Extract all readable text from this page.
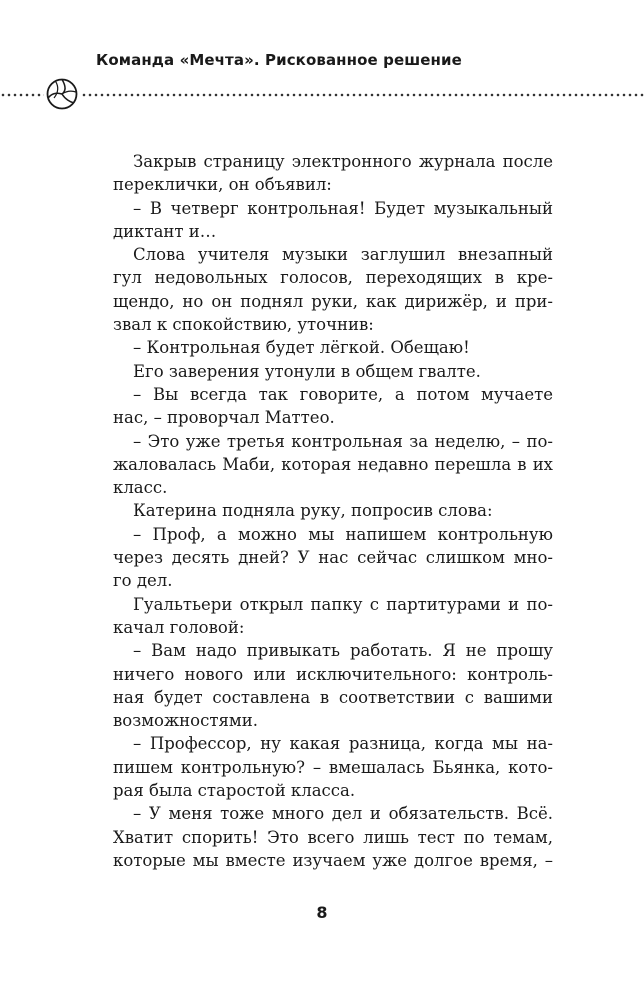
Команда «Мечта». Рискованное решение
Закрыв страницу электронного журнала после
переклички, он объявил:
– В четверг контрольная! Будет музыкальный
диктант и…
Слова учителя музыки заглушил внезапный
гул недовольных голосов, переходящих в кре-
щендо, но он поднял руки, как дирижёр, и при-
звал к спокойствию, уточнив:
– Контрольная будет лёгкой. Обещаю!
Его заверения утонули в общем гвалте.
– Вы всегда так говорите, а потом мучаете
нас, – проворчал Маттео.
– Это уже третья контрольная за неделю, – по-
жаловалась Маби, которая недавно перешла в их
класс.
Катерина подняла руку, попросив слова:
– Проф, а можно мы напишем контрольную
через десять дней? У нас сейчас слишком мно-
го дел.
Гуальтьери открыл папку с партитурами и по-
качал головой:
– Вам надо привыкать работать. Я не прошу
ничего нового или исключительного: контроль-
ная будет составлена в соответствии с вашими
возможностями.
– Профессор, ну какая разница, когда мы на-
пишем контрольную? – вмешалась Бьянка, кото-
рая была старостой класса.
– У меня тоже много дел и обязательств. Всё.
Хватит спорить! Это всего лишь тест по темам,
которые мы вместе изучаем уже долгое время, –
8
